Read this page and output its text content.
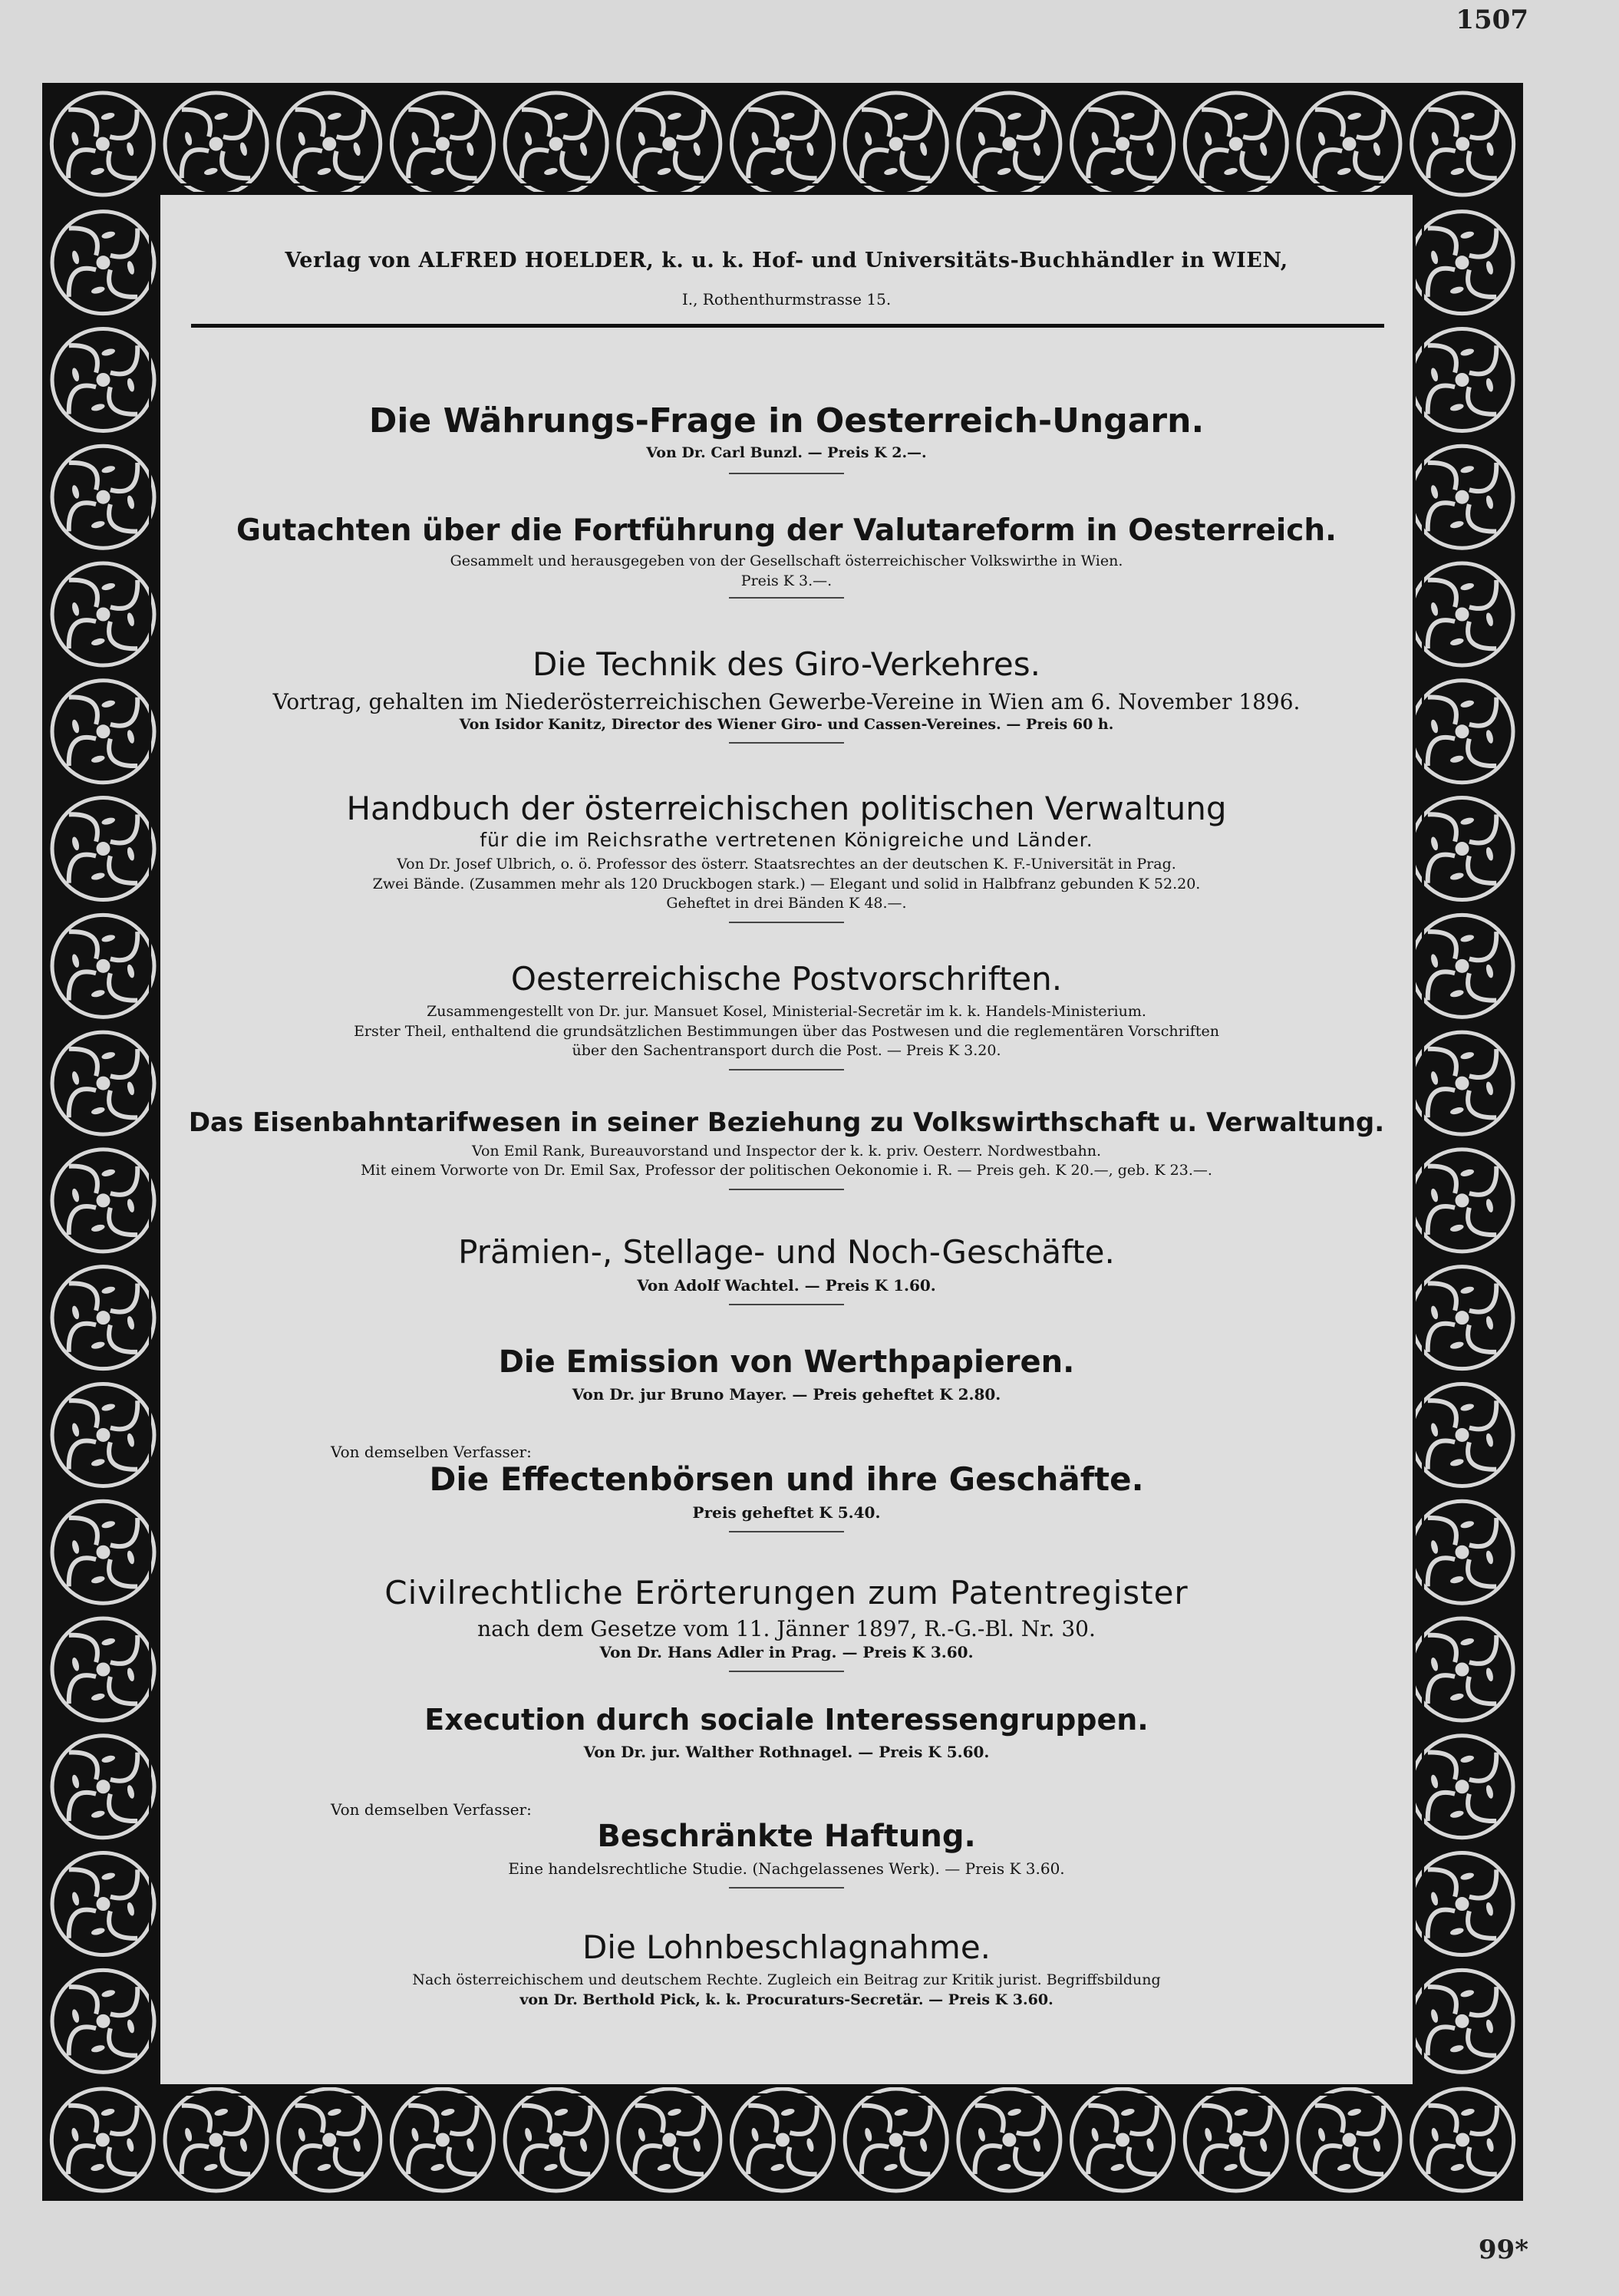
1507
Verlag von ALFRED HOELDER, k. u. k. Hof- und Universitäts-Buchhändler in WIEN,
I., Rothenthurmstrasse 15.
Die Währungs-Frage in Oesterreich-Ungarn.
Von Dr. Carl Bunzl. — Preis K 2.—.
Gutachten über die Fortführung der Valutareform in Oesterreich.
Gesammelt und herausgegeben von der Gesellschaft österreichischer Volkswirthe in Wien.
Preis K 3.—.
Die Technik des Giro-Verkehres.
Vortrag, gehalten im Niederösterreichischen Gewerbe-Vereine in Wien am 6. November 1896.
Von Isidor Kanitz, Director des Wiener Giro- und Cassen-Vereines. — Preis 60 h.
Handbuch der österreichischen politischen Verwaltung
für die im Reichsrathe vertretenen Königreiche und Länder.
Von Dr. Josef Ulbrich, o. ö. Professor des österr. Staatsrechtes an der deutschen K. F.-Universität in Prag.
Zwei Bände. (Zusammen mehr als 120 Druckbogen stark.) — Elegant und solid in Halbfranz gebunden K 52.20.
Geheftet in drei Bänden K 48.—.
Oesterreichische Postvorschriften.
Zusammengestellt von Dr. jur. Mansuet Kosel, Ministerial-Secretär im k. k. Handels-Ministerium.
Erster Theil, enthaltend die grundsätzlichen Bestimmungen über das Postwesen und die reglementären Vorschriften
über den Sachentransport durch die Post. — Preis K 3.20.
Das Eisenbahntarifwesen in seiner Beziehung zu Volkswirthschaft u. Verwaltung.
Von Emil Rank, Bureauvorstand und Inspector der k. k. priv. Oesterr. Nordwestbahn.
Mit einem Vorworte von Dr. Emil Sax, Professor der politischen Oekonomie i. R. — Preis geh. K 20.—, geb. K 23.—.
Prämien-, Stellage- und Noch-Geschäfte.
Von Adolf Wachtel. — Preis K 1.60.
Die Emission von Werthpapieren.
Von Dr. jur Bruno Mayer. — Preis geheftet K 2.80.
Von demselben Verfasser:
Die Effectenbörsen und ihre Geschäfte.
Preis geheftet K 5.40.
Civilrechtliche Erörterungen zum Patentregister
nach dem Gesetze vom 11. Jänner 1897, R.-G.-Bl. Nr. 30.
Von Dr. Hans Adler in Prag. — Preis K 3.60.
Execution durch sociale Interessengruppen.
Von Dr. jur. Walther Rothnagel. — Preis K 5.60.
Von demselben Verfasser:
Beschränkte Haftung.
Eine handelsrechtliche Studie. (Nachgelassenes Werk). — Preis K 3.60.
Die Lohnbeschlagnahme.
Nach österreichischem und deutschem Rechte. Zugleich ein Beitrag zur Kritik jurist. Begriffsbildung
von Dr. Berthold Pick, k. k. Procuraturs-Secretär. — Preis K 3.60.
99*
